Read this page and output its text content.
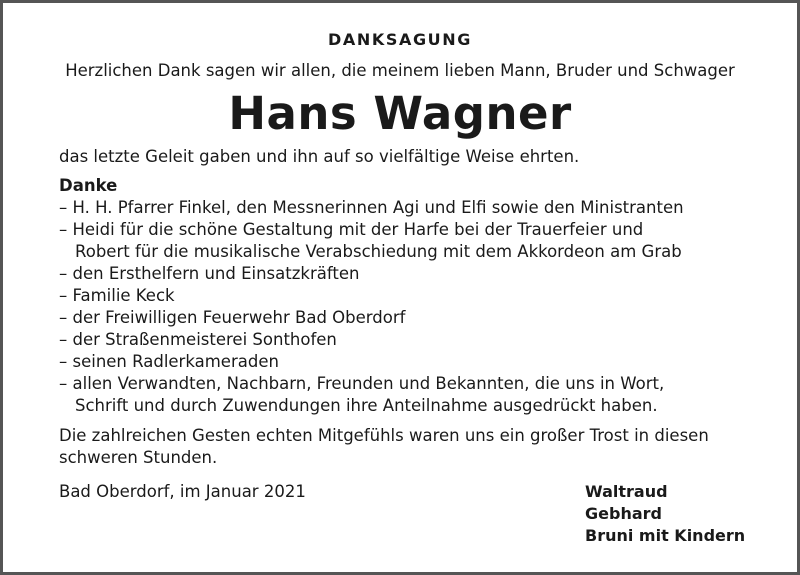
DANKSAGUNG
Herzlichen Dank sagen wir allen, die meinem lieben Mann, Bruder und Schwager
Hans Wagner
das letzte Geleit gaben und ihn auf so vielfältige Weise ehrten.
Danke
– H. H. Pfarrer Finkel, den Messnerinnen Agi und Elfi sowie den Ministranten
– Heidi für die schöne Gestaltung mit der Harfe bei der Trauerfeier und
Robert für die musikalische Verabschiedung mit dem Akkordeon am Grab
– den Ersthelfern und Einsatzkräften
– Familie Keck
– der Freiwilligen Feuerwehr Bad Oberdorf
– der Straßenmeisterei Sonthofen
– seinen Radlerkameraden
– allen Verwandten, Nachbarn, Freunden und Bekannten, die uns in Wort,
Schrift und durch Zuwendungen ihre Anteilnahme ausgedrückt haben.
Die zahlreichen Gesten echten Mitgefühls waren uns ein großer Trost in diesen
schweren Stunden.
Bad Oberdorf, im Januar 2021	Waltraud
Gebhard
Bruni mit Kindern
